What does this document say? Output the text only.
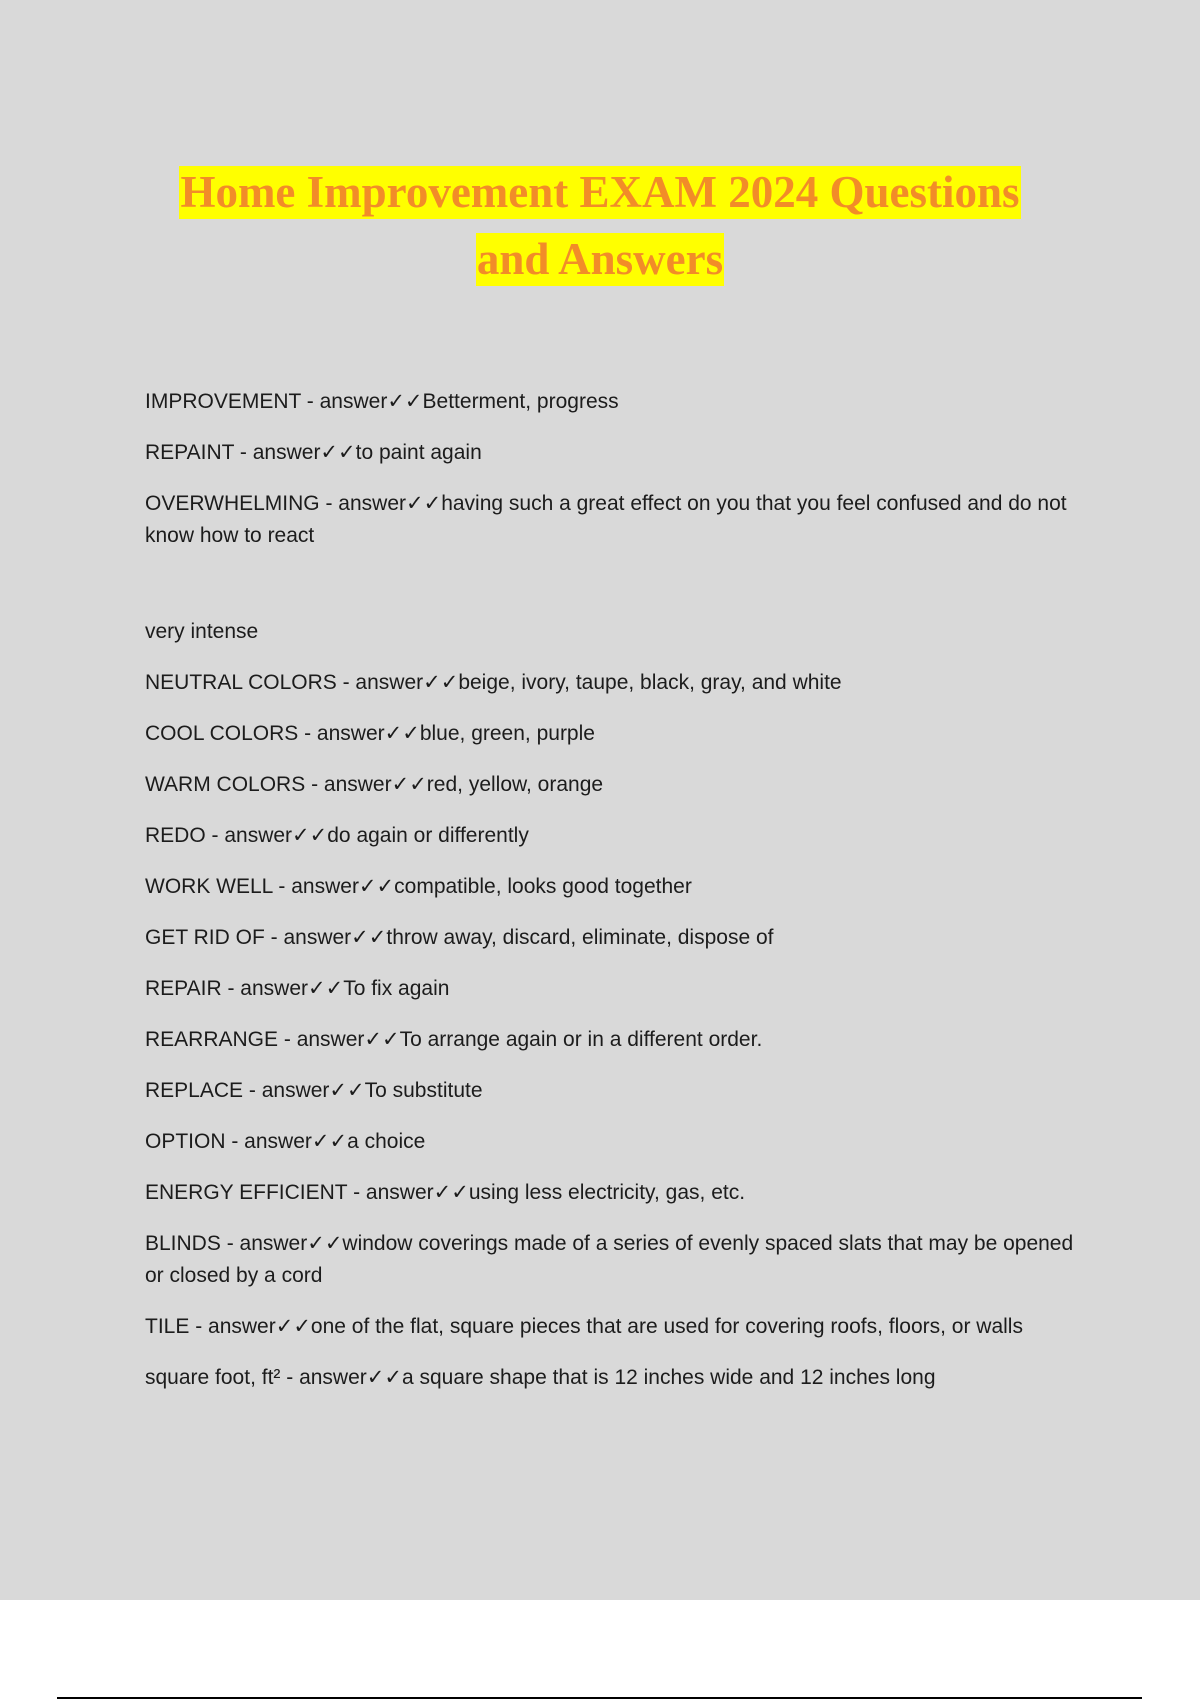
Home Improvement EXAM 2024 Questions
and Answers

IMPROVEMENT - answer✓✓Betterment, progress

REPAINT - answer✓✓to paint again

OVERWHELMING - answer✓✓having such a great effect on you that you feel confused and do not know how to react

very intense

NEUTRAL COLORS - answer✓✓beige, ivory, taupe, black, gray, and white

COOL COLORS - answer✓✓blue, green, purple

WARM COLORS - answer✓✓red, yellow, orange

REDO - answer✓✓do again or differently

WORK WELL - answer✓✓compatible, looks good together

GET RID OF - answer✓✓throw away, discard, eliminate, dispose of

REPAIR - answer✓✓To fix again

REARRANGE - answer✓✓To arrange again or in a different order.

REPLACE - answer✓✓To substitute

OPTION - answer✓✓a choice

ENERGY EFFICIENT - answer✓✓using less electricity, gas, etc.

BLINDS - answer✓✓window coverings made of a series of evenly spaced slats that may be opened or closed by a cord

TILE - answer✓✓one of the flat, square pieces that are used for covering roofs, floors, or walls

square foot, ft² - answer✓✓a square shape that is 12 inches wide and 12 inches long
